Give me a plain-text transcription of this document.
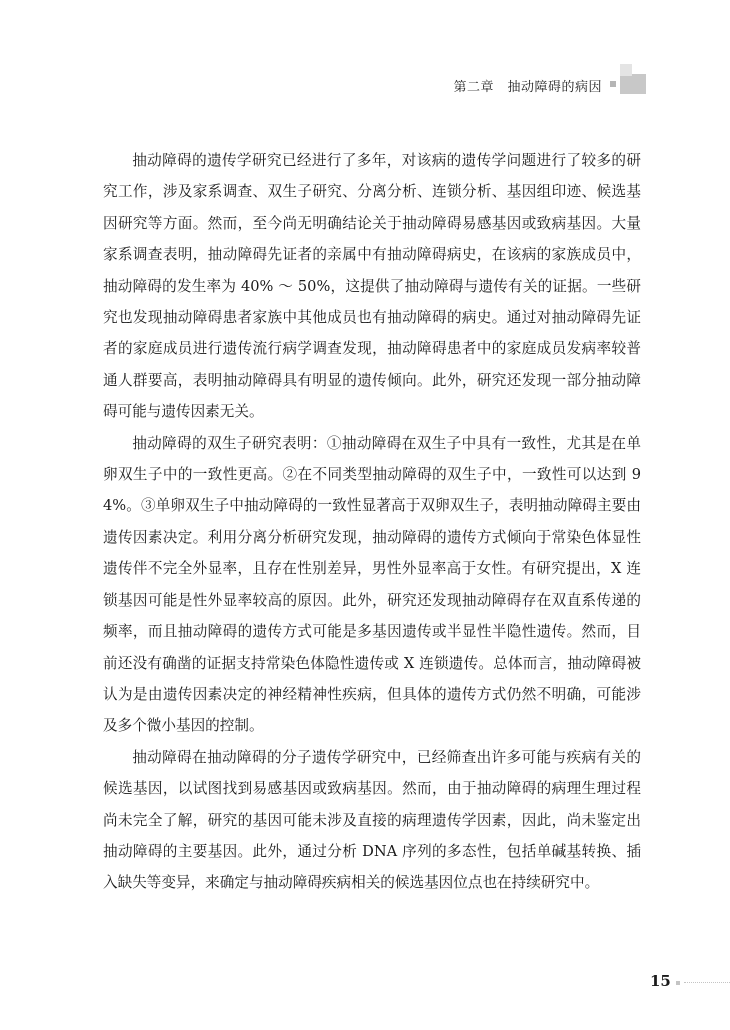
第二章　抽动障碍的病因

抽动障碍的遗传学研究已经进行了多年，对该病的遗传学问题进行了较多的研究工作，涉及家系调查、双生子研究、分离分析、连锁分析、基因组印迹、候选基因研究等方面。然而，至今尚无明确结论关于抽动障碍易感基因或致病基因。大量家系调查表明，抽动障碍先证者的亲属中有抽动障碍病史，在该病的家族成员中，抽动障碍的发生率为 40% ～ 50%，这提供了抽动障碍与遗传有关的证据。一些研究也发现抽动障碍患者家族中其他成员也有抽动障碍的病史。通过对抽动障碍先证者的家庭成员进行遗传流行病学调查发现，抽动障碍患者中的家庭成员发病率较普通人群要高，表明抽动障碍具有明显的遗传倾向。此外，研究还发现一部分抽动障碍可能与遗传因素无关。

抽动障碍的双生子研究表明：①抽动障碍在双生子中具有一致性，尤其是在单卵双生子中的一致性更高。②在不同类型抽动障碍的双生子中，一致性可以达到 94%。③单卵双生子中抽动障碍的一致性显著高于双卵双生子，表明抽动障碍主要由遗传因素决定。利用分离分析研究发现，抽动障碍的遗传方式倾向于常染色体显性遗传伴不完全外显率，且存在性别差异，男性外显率高于女性。有研究提出，X 连锁基因可能是性外显率较高的原因。此外，研究还发现抽动障碍存在双直系传递的频率，而且抽动障碍的遗传方式可能是多基因遗传或半显性半隐性遗传。然而，目前还没有确凿的证据支持常染色体隐性遗传或 X 连锁遗传。总体而言，抽动障碍被认为是由遗传因素决定的神经精神性疾病，但具体的遗传方式仍然不明确，可能涉及多个微小基因的控制。

抽动障碍在抽动障碍的分子遗传学研究中，已经筛查出许多可能与疾病有关的候选基因，以试图找到易感基因或致病基因。然而，由于抽动障碍的病理生理过程尚未完全了解，研究的基因可能未涉及直接的病理遗传学因素，因此，尚未鉴定出抽动障碍的主要基因。此外，通过分析 DNA 序列的多态性，包括单碱基转换、插入缺失等变异，来确定与抽动障碍疾病相关的候选基因位点也在持续研究中。

15
